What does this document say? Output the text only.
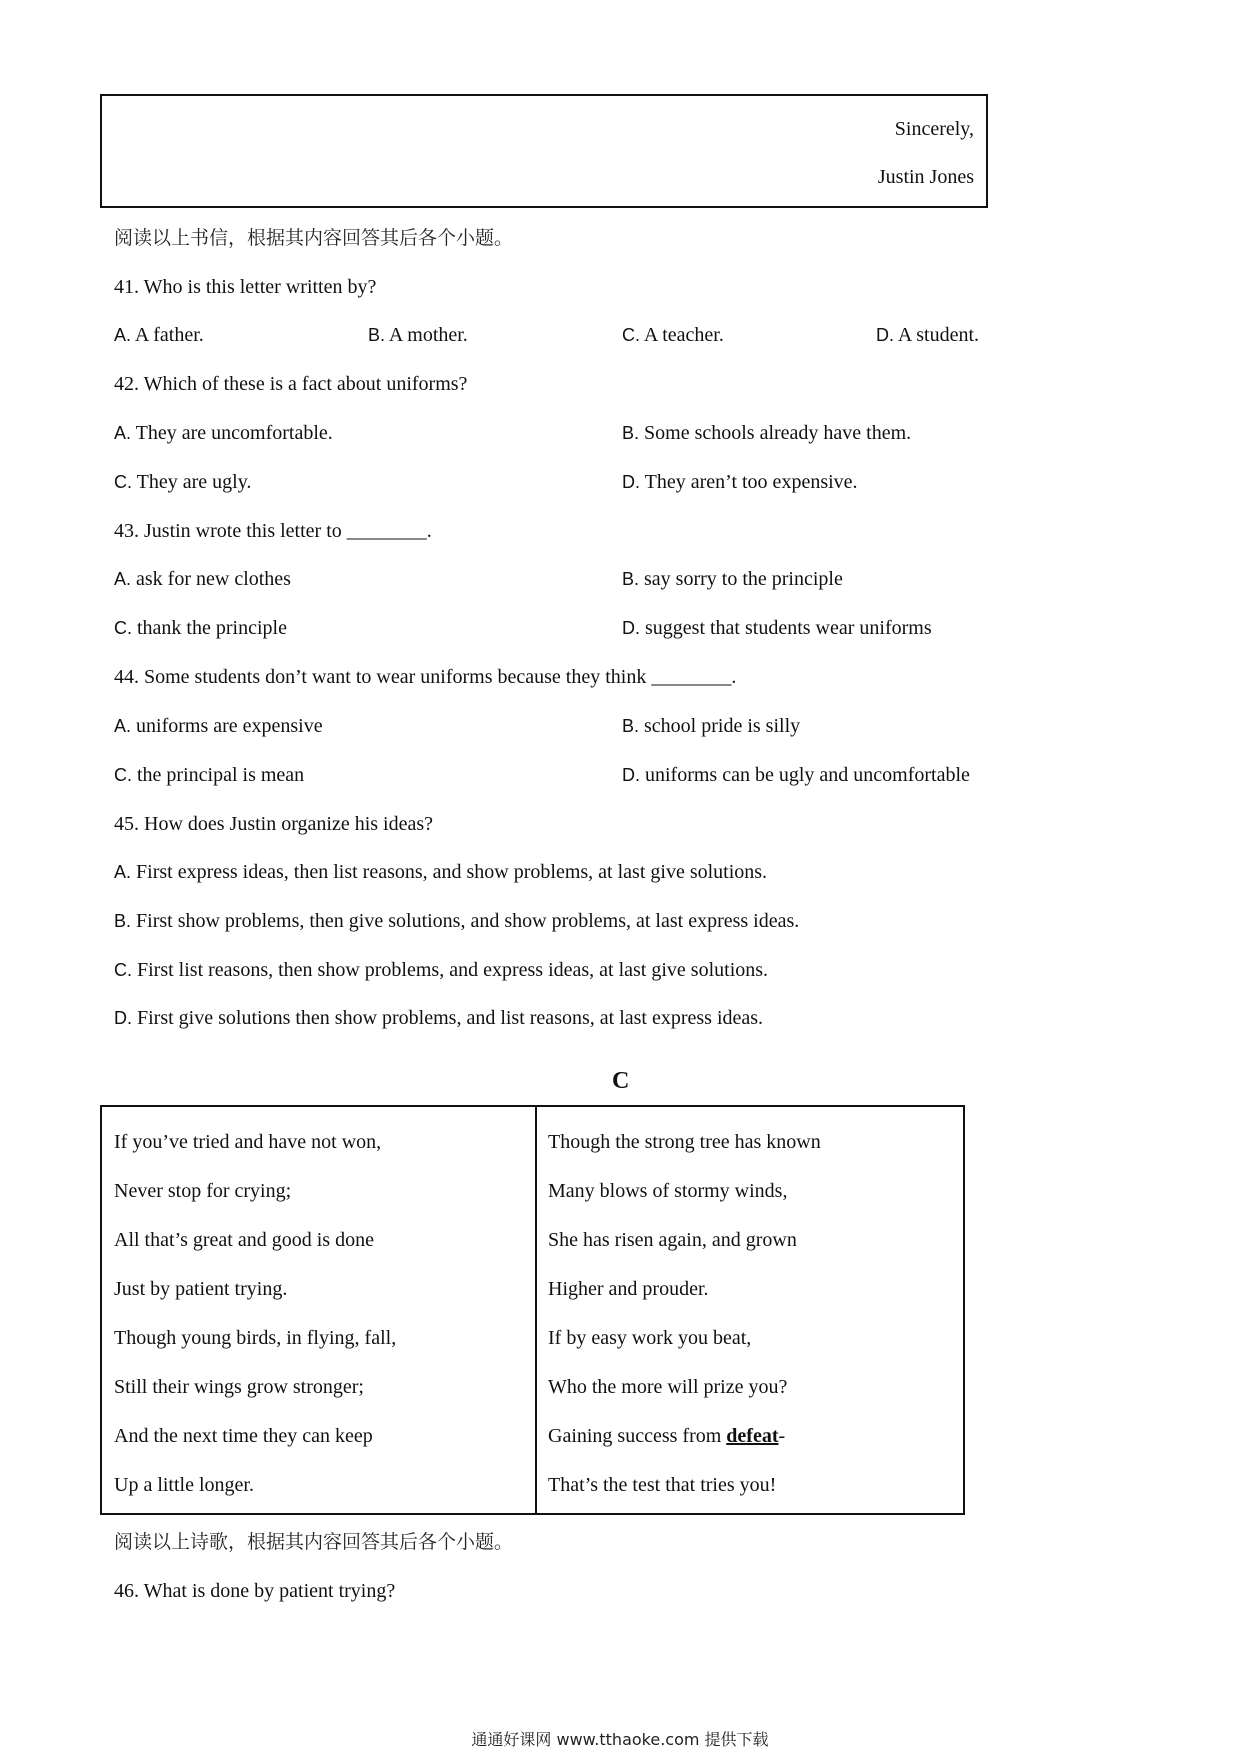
Sincerely,
Justin Jones
阅读以上书信，根据其内容回答其后各个小题。
41. Who is this letter written by?
A. A father.	B. A mother.	C. A teacher.	D. A student.
42. Which of these is a fact about uniforms?
A. They are uncomfortable.	B. Some schools already have them.
C. They are ugly.	D. They aren’t too expensive.
43. Justin wrote this letter to ________.
A. ask for new clothes	B. say sorry to the principle
C. thank the principle	D. suggest that students wear uniforms
44. Some students don’t want to wear uniforms because they think ________.
A. uniforms are expensive	B. school pride is silly
C. the principal is mean	D. uniforms can be ugly and uncomfortable
45. How does Justin organize his ideas?
A. First express ideas, then list reasons, and show problems, at last give solutions.
B. First show problems, then give solutions, and show problems, at last express ideas.
C. First list reasons, then show problems, and express ideas, at last give solutions.
D. First give solutions then show problems, and list reasons, at last express ideas.
C
If you’ve tried and have not won,
Never stop for crying;
All that’s great and good is done
Just by patient trying.
Though young birds, in flying, fall,
Still their wings grow stronger;
And the next time they can keep
Up a little longer.
Though the strong tree has known
Many blows of stormy winds,
She has risen again, and grown
Higher and prouder.
If by easy work you beat,
Who the more will prize you?
Gaining success from defeat-
That’s the test that tries you!
阅读以上诗歌，根据其内容回答其后各个小题。
46. What is done by patient trying?
通通好课网 www.tthaoke.com 提供下载
